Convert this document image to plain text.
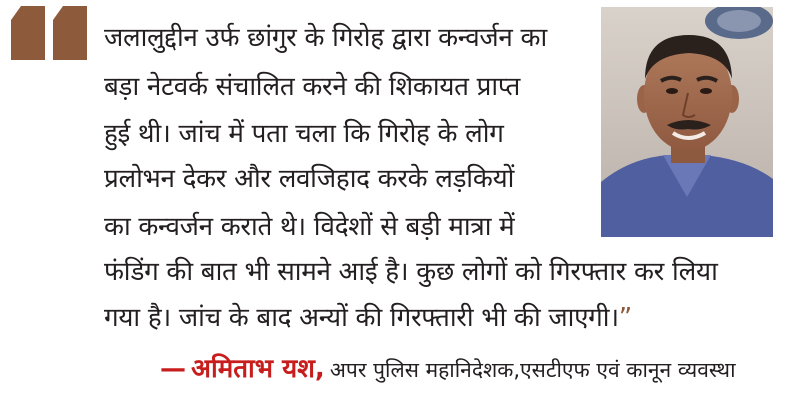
जलालुद्दीन उर्फ छांगुर के गिरोह द्वारा कन्वर्जन का
बड़ा नेटवर्क संचालित करने की शिकायत प्राप्त
हुई थी। जांच में पता चला कि गिरोह के लोग
प्रलोभन देकर और लवजिहाद करके लड़कियों
का कन्वर्जन कराते थे। विदेशों से बड़ी मात्रा में
फंडिंग की बात भी सामने आई है। कुछ लोगों को गिरफ्तार कर लिया
गया है। जांच के बाद अन्यों की गिरफ्तारी भी की जाएगी।”
— अमिताभ यश, अपर पुलिस महानिदेशक,एसटीएफ एवं कानून व्यवस्था
